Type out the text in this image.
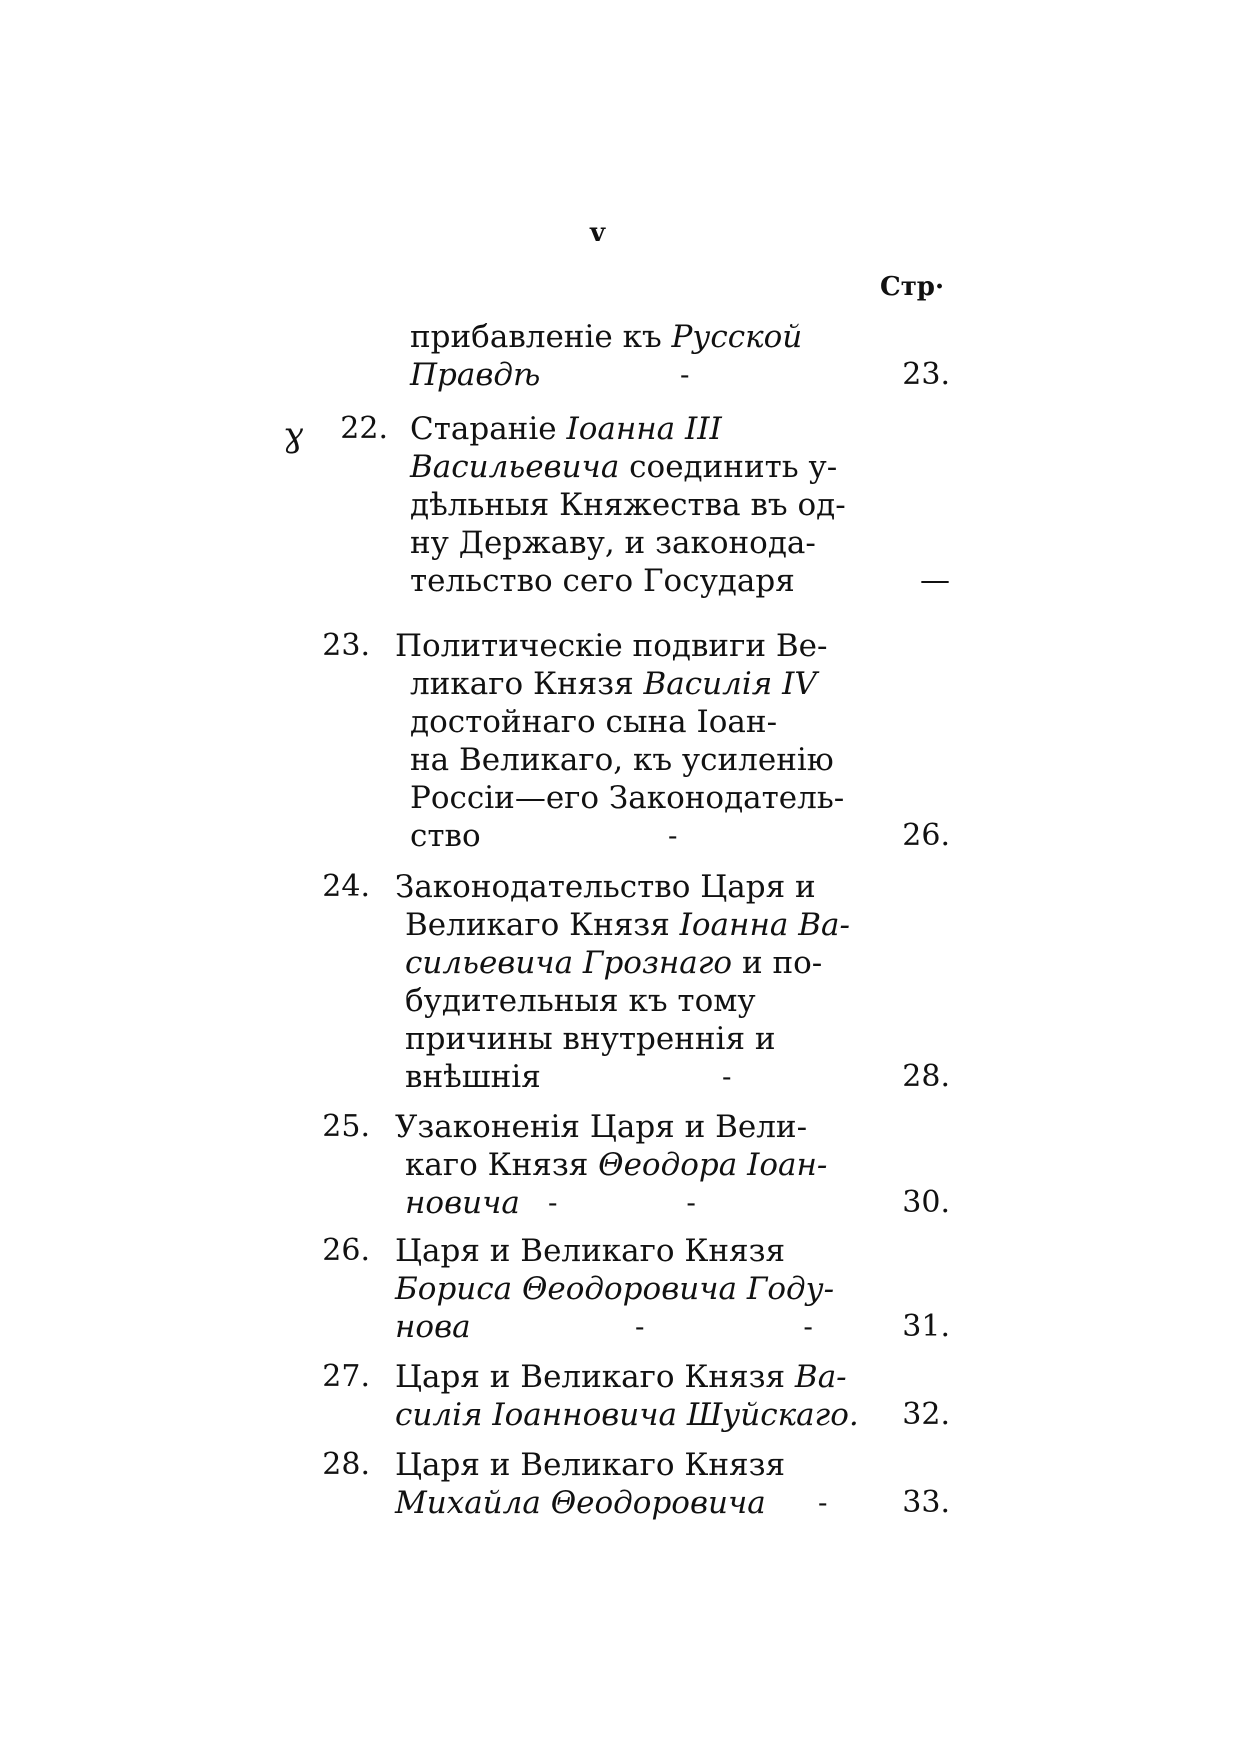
v
Стр·
ɣ
прибавленіе къ Русской
Правдѣ	-	23.
22. Старанiе Іоанна III
Васильевича соединить у-
дѣльныя Княжества въ од-
ну Державу, и законода-
тельство сего Государя	—
23. Политическiе подвиги Ве-
ликаго Князя Василія IV
достойнаго сына Іоан-
на Великаго, къ усиленію
Россіи—его Законодатель-
ство	-	26.
24. Законодательство Царя и
Великаго Князя Іоанна Ва-
сильевича Грознаго и по-
будительныя къ тому
причины внутреннія и
внѣшнія	-	28.
25. Узаконенія Царя и Вели-
каго Князя Θеодора Іоан-
новича - -	30.
26. Царя и Великаго Князя
Бориса Θеодоровича Году-
нова	- -	31.
27. Царя и Великаго Князя Ва-
силія Іоанновича Шуйскаго.	32.
28. Царя и Великаго Князя
Михайла Θеодоровича -	33.
